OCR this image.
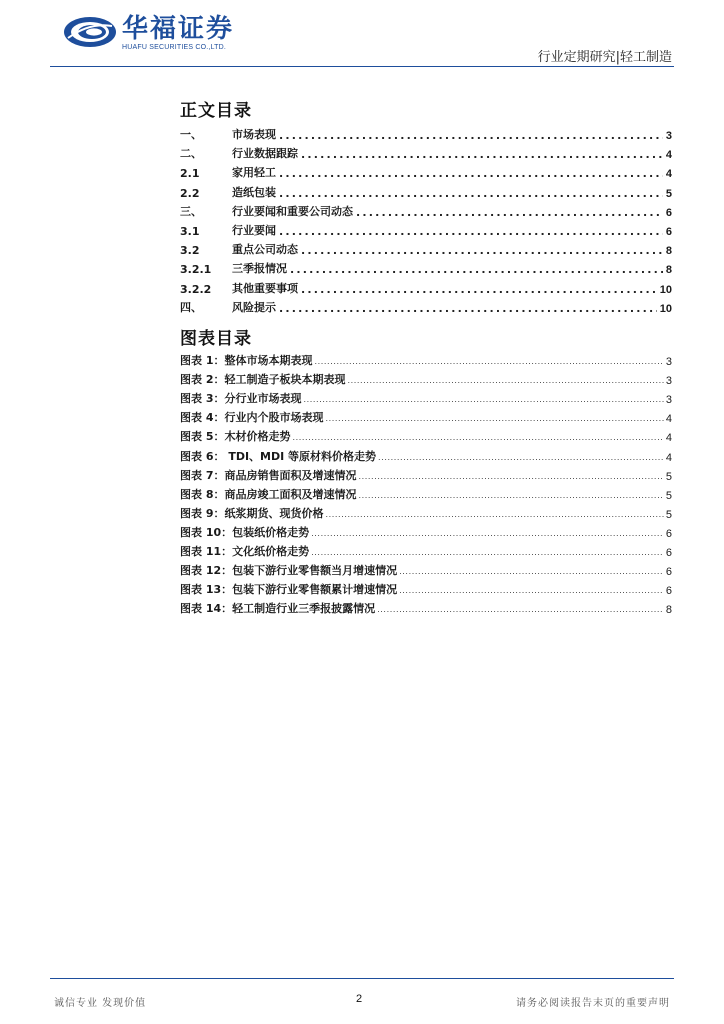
华福证券
HUAFU SECURITIES CO.,LTD.
行业定期研究|轻工制造
正文目录
一、	市场表现 .....	3
二、	行业数据跟踪 .....	4
2.1	家用轻工 .....	4
2.2	造纸包装 .....	5
三、	行业要闻和重要公司动态 .....	6
3.1	行业要闻 .....	6
3.2	重点公司动态 .....	8
3.2.1	三季报情况 .....	8
3.2.2	其他重要事项 .....	10
四、	风险提示 .....	10
图表目录
图表 1：整体市场本期表现 .....	3
图表 2：轻工制造子板块本期表现 .....	3
图表 3：分行业市场表现 .....	3
图表 4：行业内个股市场表现 .....	4
图表 5：木材价格走势 .....	4
图表 6： TDI、MDI 等原材料价格走势 .....	4
图表 7：商品房销售面积及增速情况 .....	5
图表 8：商品房竣工面积及增速情况 .....	5
图表 9：纸浆期货、现货价格 .....	5
图表 10：包装纸价格走势 .....	6
图表 11：文化纸价格走势 .....	6
图表 12：包装下游行业零售额当月增速情况 .....	6
图表 13：包装下游行业零售额累计增速情况 .....	6
图表 14：轻工制造行业三季报披露情况 .....	8
诚信专业 发现价值	2	请务必阅读报告末页的重要声明
